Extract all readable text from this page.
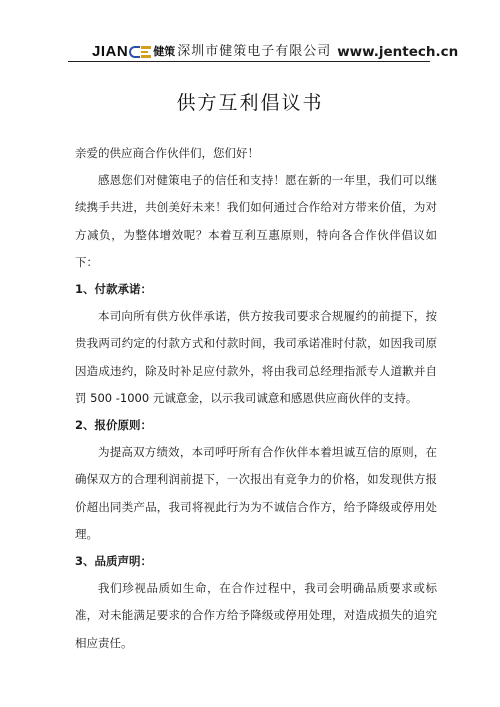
JIAN 健策 深圳市健策电子有限公司 www.jentech.cn
供方互利倡议书

亲爱的供应商合作伙伴们，您们好！

感恩您们对健策电子的信任和支持！愿在新的一年里，我们可以继续携手共进，共创美好未来！我们如何通过合作给对方带来价值，为对方减负，为整体增效呢？本着互利互惠原则，特向各合作伙伴倡议如下：

1、付款承诺：

本司向所有供方伙伴承诺，供方按我司要求合规履约的前提下，按贵我两司约定的付款方式和付款时间，我司承诺准时付款，如因我司原因造成违约，除及时补足应付款外，将由我司总经理指派专人道歉并自罚 500 -1000 元诚意金，以示我司诚意和感恩供应商伙伴的支持。

2、报价原则：

为提高双方绩效，本司呼吁所有合作伙伴本着坦诚互信的原则，在确保双方的合理利润前提下，一次报出有竞争力的价格，如发现供方报价超出同类产品，我司将视此行为为不诚信合作方，给予降级或停用处理。

3、品质声明：

我们珍视品质如生命，在合作过程中，我司会明确品质要求或标准，对未能满足要求的合作方给予降级或停用处理，对造成损失的追究相应责任。
